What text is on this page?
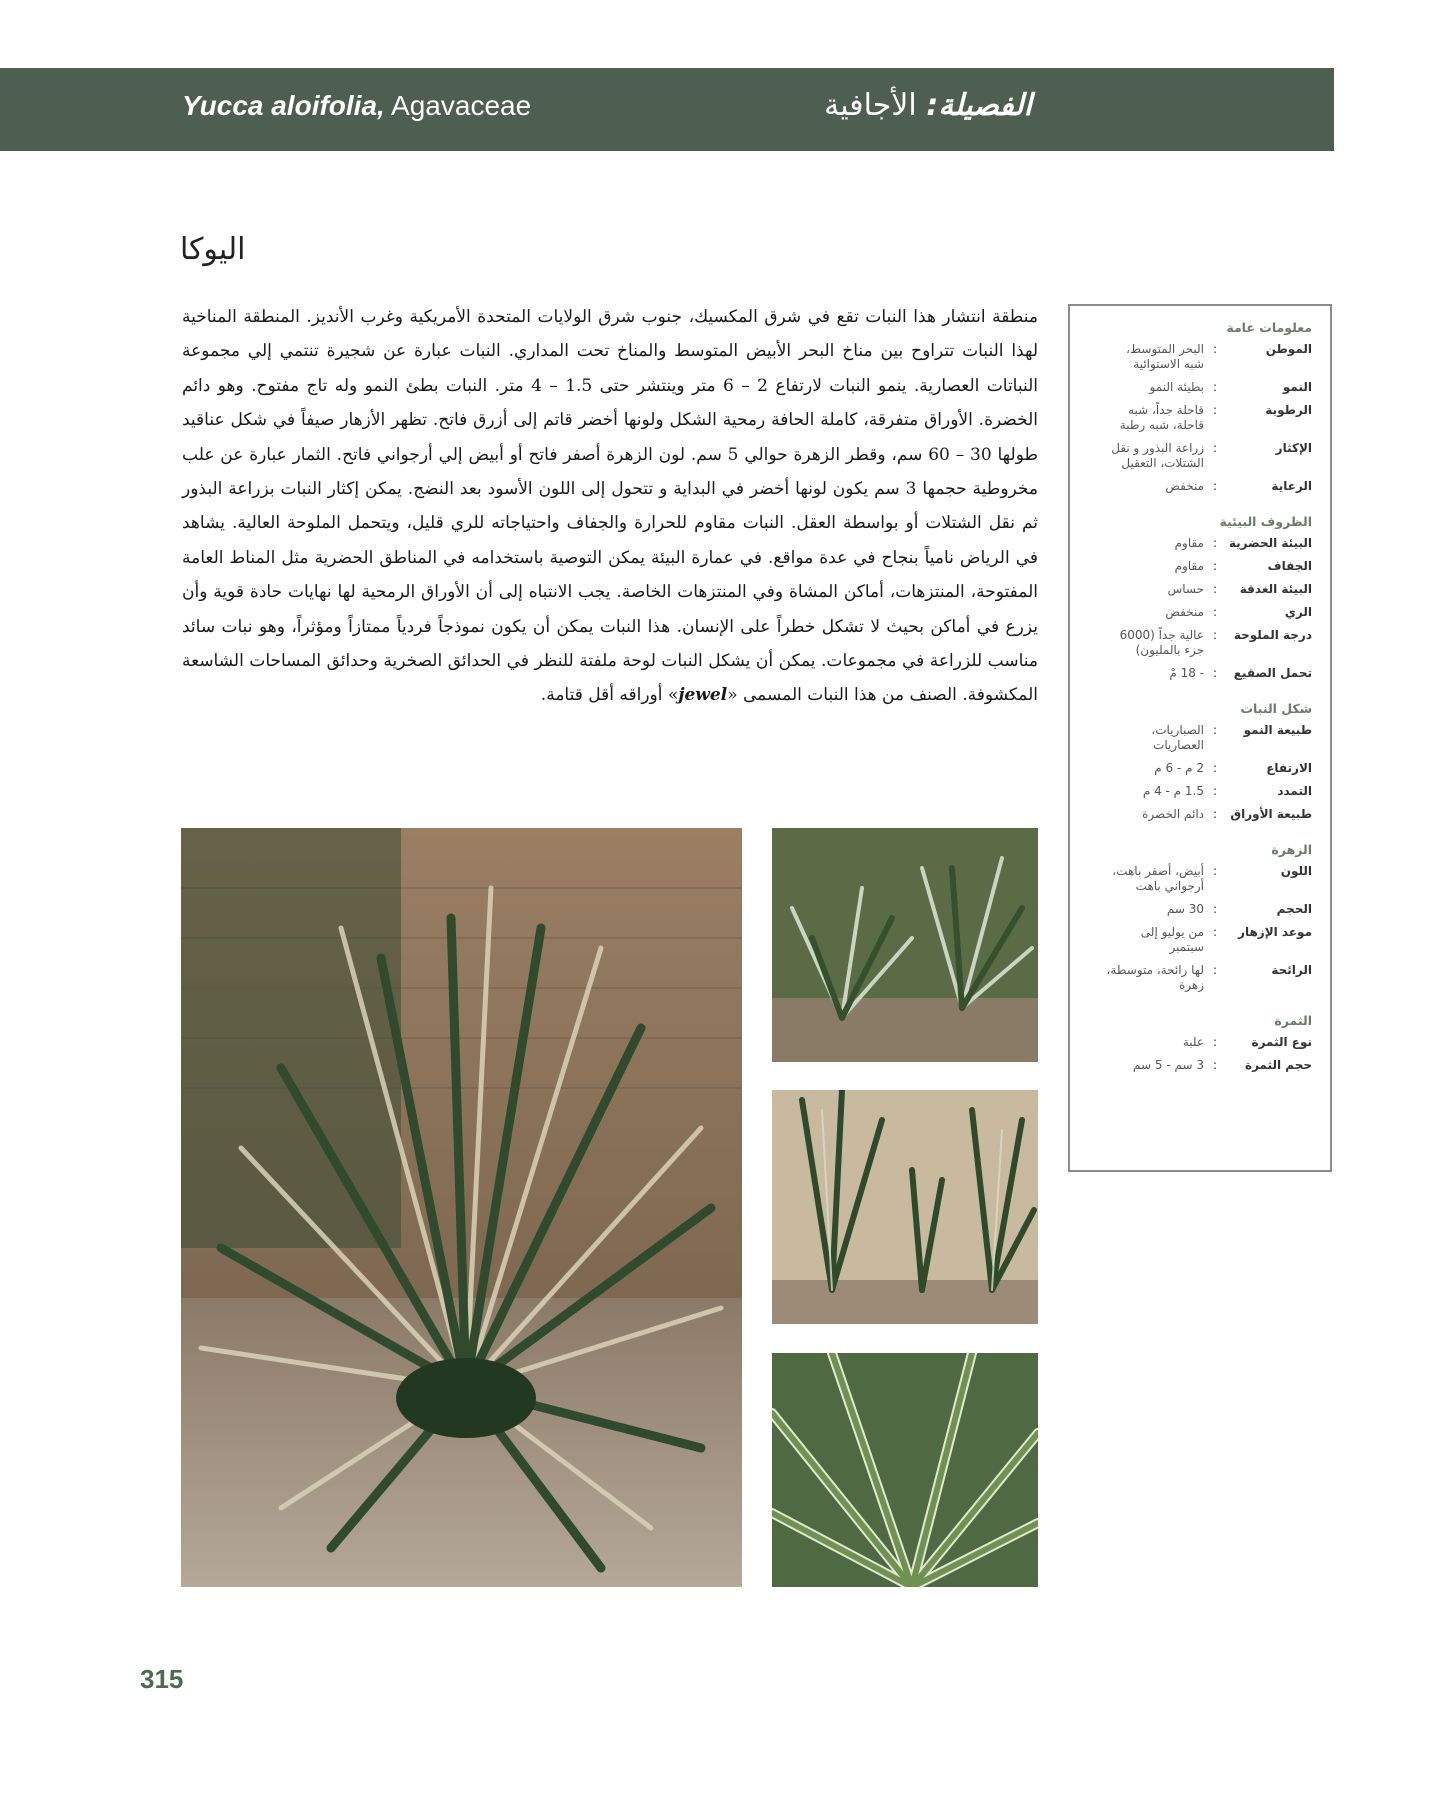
Yucca aloifolia, Agavaceae	الفصيلة: الأجافية
اليوكا
منطقة انتشار هذا النبات تقع في شرق المكسيك، جنوب شرق الولايات المتحدة الأمريكية وغرب الأنديز. المنطقة المناخية لهذا النبات تتراوح بين مناخ البحر الأبيض المتوسط والمناخ تحت المداري. النبات عبارة عن شجيرة تنتمي إلي مجموعة النباتات العصارية. ينمو النبات لارتفاع 2 – 6 متر وينتشر حتى 1.5 – 4 متر. النبات بطئ النمو وله تاج مفتوح. وهو دائم الخضرة. الأوراق متفرقة، كاملة الحافة رمحية الشكل ولونها أخضر قاتم إلى أزرق فاتح. تظهر الأزهار صيفاً في شكل عناقيد طولها 30 – 60 سم، وقطر الزهرة حوالي 5 سم. لون الزهرة أصفر فاتح أو أبيض إلي أرجواني فاتح. الثمار عبارة عن علب مخروطية حجمها 3 سم يكون لونها أخضر في البداية و تتحول إلى اللون الأسود بعد النضج. يمكن إكثار النبات بزراعة البذور ثم نقل الشتلات أو بواسطة العقل. النبات مقاوم للحرارة والجفاف واحتياجاته للري قليل، ويتحمل الملوحة العالية. يشاهد في الرياض نامياً بنجاح في عدة مواقع. في عمارة البيئة يمكن التوصية باستخدامه في المناطق الحضرية مثل المناط العامة المفتوحة، المنتزهات، أماكن المشاة وفي المنتزهات الخاصة. يجب الانتباه إلى أن الأوراق الرمحية لها نهايات حادة قوية وأن يزرع في أماكن بحيث لا تشكل خطراً على الإنسان. هذا النبات يمكن أن يكون نموذجاً فردياً ممتازاً ومؤثراً، وهو نبات سائد مناسب للزراعة في مجموعات. يمكن أن يشكل النبات لوحة ملفتة للنظر في الحدائق الصخرية وحدائق المساحات الشاسعة المكشوفة. الصنف من هذا النبات المسمى «jewel» أوراقه أقل قتامة.
معلومات عامة
الموطن
:
البحر المتوسط، شبه الاستوائية
النمو
:
بطيئة النمو
الرطوبة
:
قاحلة جداً، شبه قاحلة، شبه رطبة
الإكثار
:
زراعة البذور و نقل الشتلات، التعقيل
الرعاية
:
منخفض
الظروف البيئية
البيئة الحضرية
:
مقاوم
الجفاف
:
مقاوم
البيئة الغدقة
:
حساس
الري
:
منخفض
درجة الملوحة
:
عالية جداً (6000 جزء بالمليون)
تحمل الصقيع
:
- 18 مْ
شكل النبات
طبيعة النمو
:
الصباريات، العصاريات
الارتفاع
:
2 م - 6 م
التمدد
:
1.5 م - 4 م
طبيعة الأوراق
:
دائم الخضرة
الزهرة
اللون
:
أبيض، أصفر باهت، أرجواني باهت
الحجم
:
30 سم
موعد الإزهار
:
من يوليو إلى سبتمبر
الرائحة
:
لها رائحة، متوسطة، زهرة
الثمرة
نوع الثمرة
:
علبة
حجم الثمرة
:
3 سم - 5 سم
315
